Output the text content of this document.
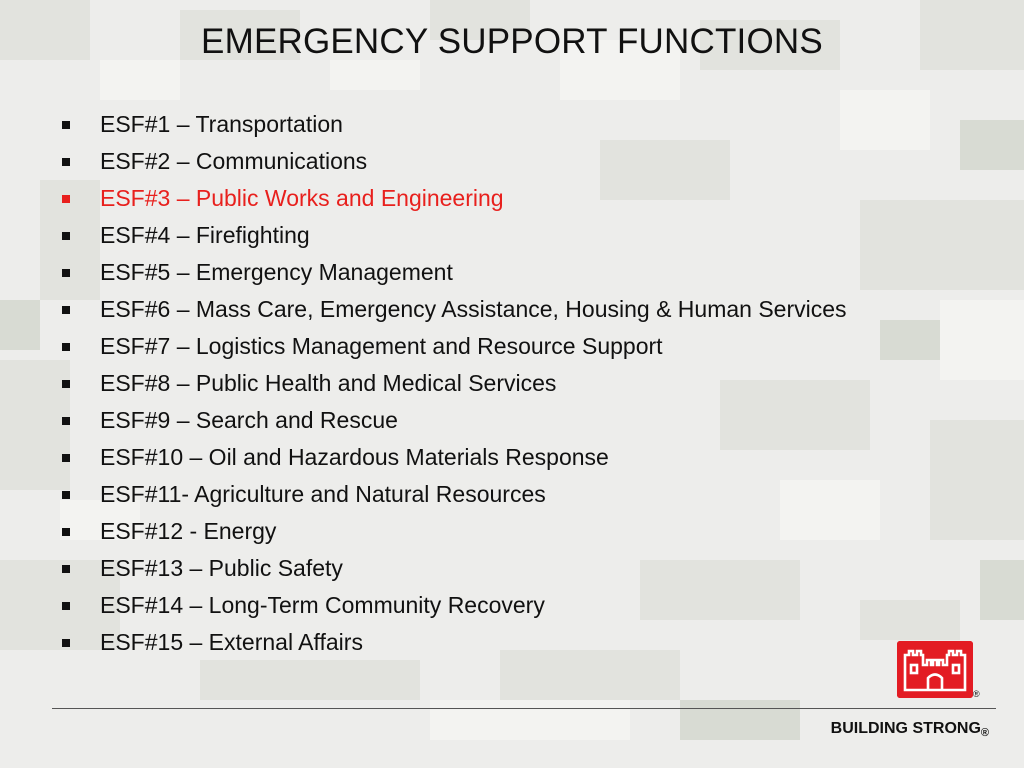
EMERGENCY SUPPORT FUNCTIONS
ESF#1 – Transportation
ESF#2 – Communications
ESF#3 – Public Works and Engineering
ESF#4 – Firefighting
ESF#5 – Emergency Management
ESF#6 – Mass Care, Emergency Assistance, Housing & Human Services
ESF#7 – Logistics Management and Resource Support
ESF#8 – Public Health and Medical Services
ESF#9 – Search and Rescue
ESF#10 – Oil and Hazardous Materials Response
ESF#11- Agriculture and Natural Resources
ESF#12 - Energy
ESF#13 – Public Safety
ESF#14 – Long-Term Community Recovery
ESF#15 – External Affairs
®
BUILDING STRONG®
